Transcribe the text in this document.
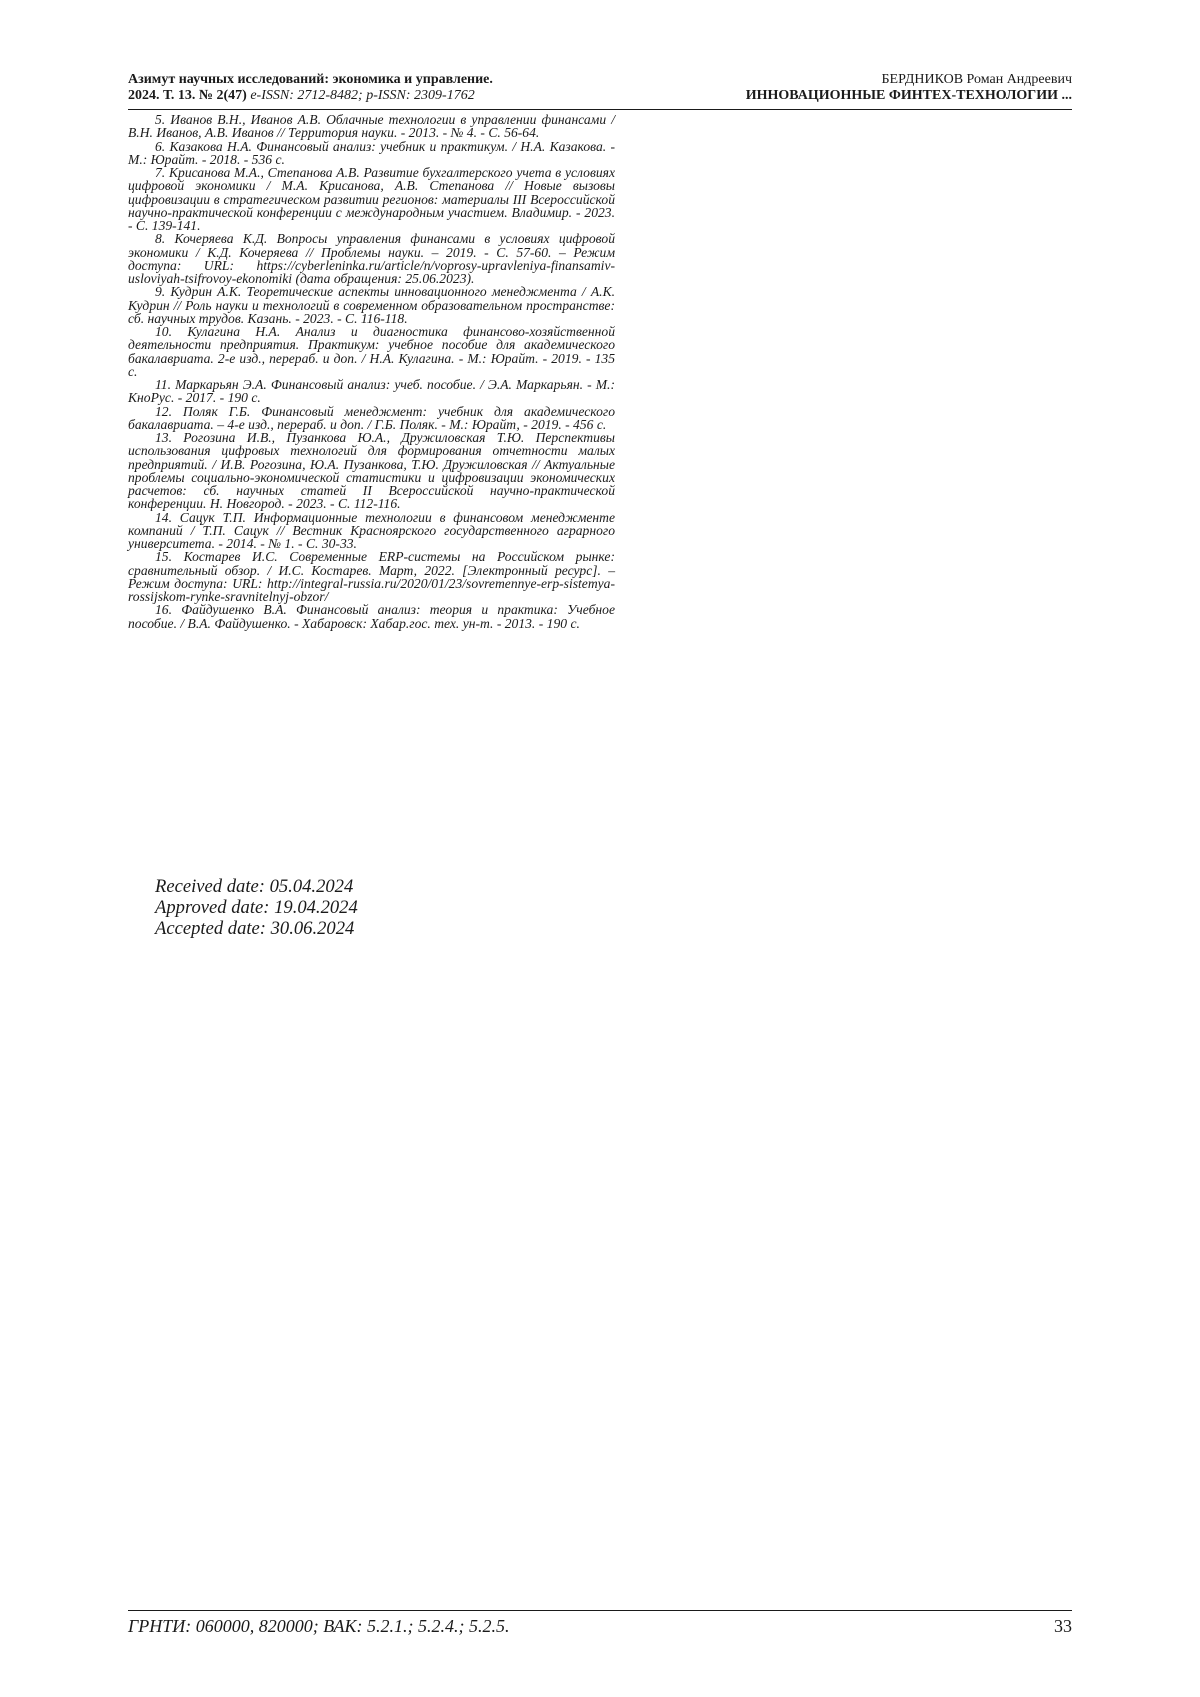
Азимут научных исследований: экономика и управление.
2024. Т. 13. № 2(47) e-ISSN: 2712-8482; p-ISSN: 2309-1762
БЕРДНИКОВ Роман Андреевич
ИННОВАЦИОННЫЕ ФИНТЕХ-ТЕХНОЛОГИИ ...

5. Иванов В.Н., Иванов А.В. Облачные технологии в управлении финансами / В.Н. Иванов, А.В. Иванов // Территория науки. - 2013. - № 4. - С. 56-64.

6. Казакова Н.А. Финансовый анализ: учебник и практикум. / Н.А. Казакова. - М.: Юрайт. - 2018. - 536 с.

7. Крисанова М.А., Степанова А.В. Развитие бухгалтерского учета в условиях цифровой экономики / М.А. Крисанова, А.В. Степанова // Новые вызовы цифровизации в стратегическом развитии регионов: материалы III Всероссийской научно-практической конференции с международным участием. Владимир. - 2023. - С. 139-141.

8. Кочеряева К.Д. Вопросы управления финансами в условиях цифровой экономики / К.Д. Кочеряева // Проблемы науки. – 2019. - С. 57-60. – Режим доступа: URL: https://cyberleninka.ru/article/n/voprosy-upravleniya-finansamiv-usloviyah-tsifrovoy-ekonomiki (дата обращения: 25.06.2023).

9. Кудрин А.К. Теоретические аспекты инновационного менеджмента / А.К. Кудрин // Роль науки и технологий в современном образовательном пространстве: сб. научных трудов. Казань. - 2023. - С. 116-118.

10. Кулагина Н.А. Анализ и диагностика финансово-хозяйственной деятельности предприятия. Практикум: учебное пособие для академического бакалавриата. 2-е изд., перераб. и доп. / Н.А. Кулагина. - М.: Юрайт. - 2019. - 135 с.

11. Маркарьян Э.А. Финансовый анализ: учеб. пособие. / Э.А. Маркарьян. - М.: КноРус. - 2017. - 190 с.

12. Поляк Г.Б. Финансовый менеджмент: учебник для академического бакалавриата. – 4-е изд., перераб. и доп. / Г.Б. Поляк. - М.: Юрайт, - 2019. - 456 с.

13. Рогозина И.В., Пузанкова Ю.А., Дружиловская Т.Ю. Перспективы использования цифровых технологий для формирования отчетности малых предприятий. / И.В. Рогозина, Ю.А. Пузанкова, Т.Ю. Дружиловская // Актуальные проблемы социально-экономической статистики и цифровизации экономических расчетов: сб. научных статей II Всероссийской научно-практической конференции. Н. Новгород. - 2023. - С. 112-116.

14. Сацук Т.П. Информационные технологии в финансовом менеджменте компаний / Т.П. Сацук // Вестник Красноярского государственного аграрного университета. - 2014. - № 1. - С. 30-33.

15. Костарев И.С. Современные ERP-системы на Российском рынке: сравнительный обзор. / И.С. Костарев. Март, 2022. [Электронный ресурс]. – Режим доступа: URL: http://integral-russia.ru/2020/01/23/sovremennye-erp-sistemya-rossijskom-rynke-sravnitelnyj-obzor/

16. Файдушенко В.А. Финансовый анализ: теория и практика: Учебное пособие. / В.А. Файдушенко. - Хабаровск: Хабар.гос. тех. ун-т. - 2013. - 190 с.

Received date: 05.04.2024
Approved date: 19.04.2024
Accepted date: 30.06.2024
ГРНТИ: 060000, 820000; ВАК: 5.2.1.; 5.2.4.; 5.2.5.	33
